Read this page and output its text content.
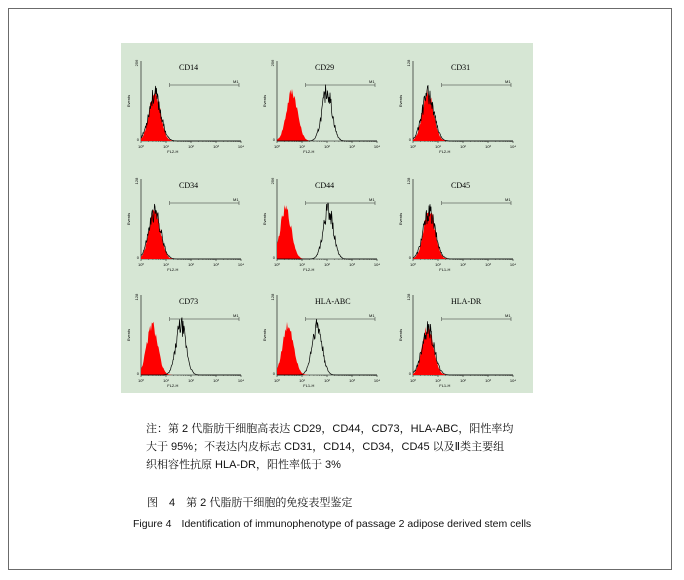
CD14
10⁰	10¹	10²	10³	10⁴
FL2-H
256
0
Events
M1
CD29
10⁰	10¹	10²	10³	10⁴
FL2-H
256
0
Events
M1
CD31
10⁰	10¹	10²	10³	10⁴
FL2-H
128
0
Events
M1
CD34
10⁰	10¹	10²	10³	10⁴
FL2-H
128
0
Events
M1
CD44
10⁰	10¹	10²	10³	10⁴
FL2-H
256
0
Events
M1
CD45
10⁰	10¹	10²	10³	10⁴
FL1-H
128
0
Events
M1
CD73
10⁰	10¹	10²	10³	10⁴
FL2-H
128
0
Events
M1
HLA-ABC
10⁰	10¹	10²	10³	10⁴
FL1-H
128
0
Events
M1
HLA-DR
10⁰	10¹	10²	10³	10⁴
FL1-H
128
0
Events
M1
注：第 2 代脂肪干细胞高表达 CD29，CD44，CD73，HLA-ABC，阳性率均
大于 95%；不表达内皮标志 CD31，CD14，CD34，CD45 以及Ⅱ类主要组
织相容性抗原 HLA-DR，阳性率低于 3%
图　4　第 2 代脂肪干细胞的免疫表型鉴定
Figure 4 Identification of immunophenotype of passage 2 adipose derived stem cells
